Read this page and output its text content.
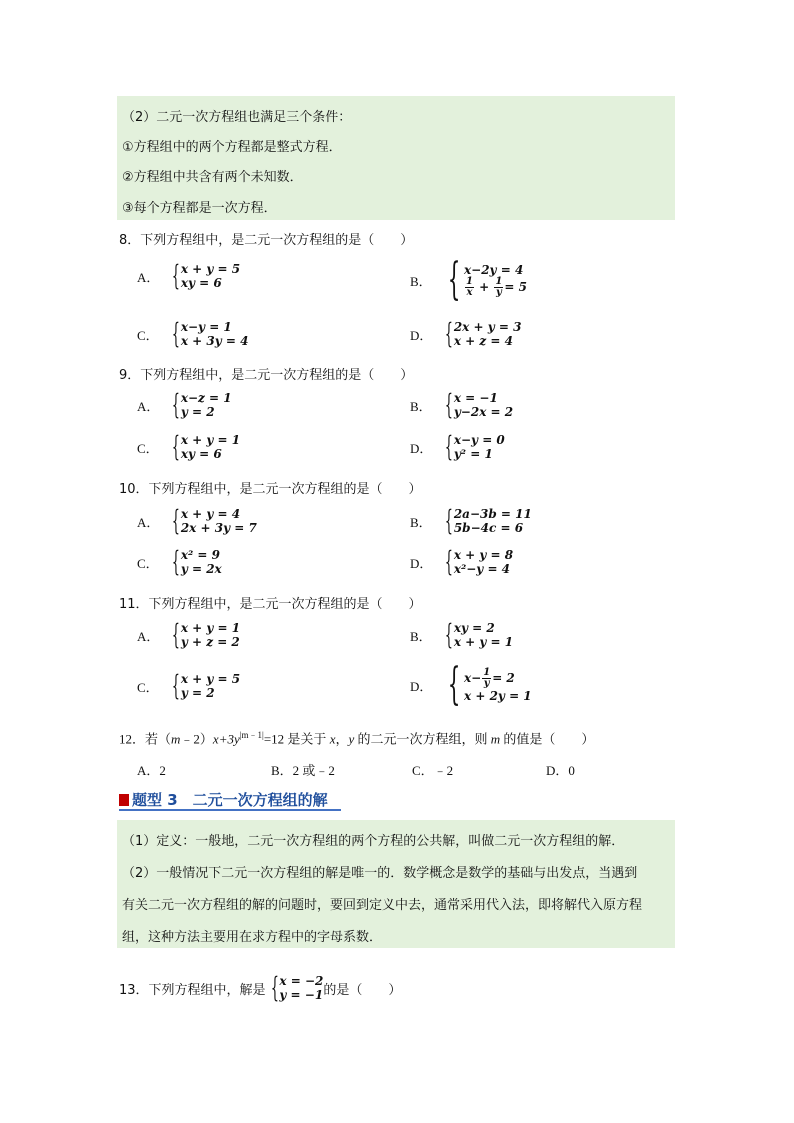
（2）二元一次方程组也满足三个条件：
①方程组中的两个方程都是整式方程．
②方程组中共含有两个未知数．
③每个方程都是一次方程．
8．下列方程组中，是二元一次方程组的是（　　）
A． { x + y = 5
xy = 6	B． { x−2y = 4
$\frac{1}{x} + \frac{1}{y} = 5$
C． { x−y = 1
x + 3y = 4	D． { 2x + y = 3
x + z = 4
9．下列方程组中，是二元一次方程组的是（　　）
A． { x−z = 1
y = 2	B． { x = −1
y−2x = 2
C． { x + y = 1
xy = 6	D． { x−y = 0
y² = 1
10．下列方程组中，是二元一次方程组的是（　　）
A． { x + y = 4
2x + 3y = 7	B． { 2a−3b = 11
5b−4c = 6
C． { x² = 9
y = 2x	D． { x + y = 8
x²−y = 4
11．下列方程组中，是二元一次方程组的是（　　）
A． { x + y = 1
y + z = 2	B． { xy = 2
x + y = 1
C． { x + y = 5
y = 2	D． { $x- \frac{1}{y} = 2$
x + 2y = 1
12．若$(m﹣2)x+3y^{|m﹣1|}=12$ 是关于 x，y 的二元一次方程组，则 m 的值是（　　）
A．2	B．2 或﹣2	C．﹣2	D．0
题型 3　二元一次方程组的解
（1）定义：一般地，二元一次方程组的两个方程的公共解，叫做二元一次方程组的解．
（2）一般情况下二元一次方程组的解是唯一的．数学概念是数学的基础与出发点，当遇到
有关二元一次方程组的解的问题时，要回到定义中去，通常采用代入法，即将解代入原方程
组，这种方法主要用在求方程中的字母系数．
13．下列方程组中，解是 { x = −2
y = −1 的是（　　）
